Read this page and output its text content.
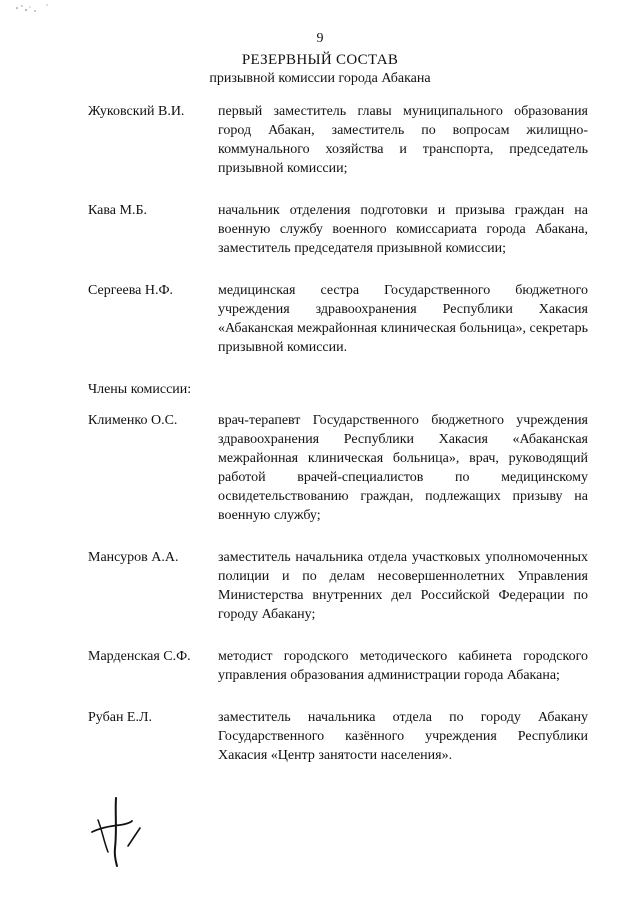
9
РЕЗЕРВНЫЙ СОСТАВ
призывной комиссии города Абакана
Жуковский В.И. первый заместитель главы муниципального образования город Абакан, заместитель по вопросам жилищно-коммунального хозяйства и транспорта, председатель призывной комиссии;
Кава М.Б.	начальник отделения подготовки и призыва граждан на военную службу военного комиссариата города Абакана, заместитель председателя призывной комиссии;
Сергеева Н.Ф.	медицинская сестра Государственного бюджетного учреждения здравоохранения Республики Хакасия «Абаканская межрайонная клиническая больница», секретарь призывной комиссии.
Члены комиссии:
Клименко О.С.	врач-терапевт Государственного бюджетного учреждения здравоохранения Республики Хакасия «Абаканская межрайонная клиническая больница», врач, руководящий работой врачей-специалистов по медицинскому освидетельствованию граждан, подлежащих призыву на военную службу;
Мансуров А.А.	заместитель начальника отдела участковых уполномоченных полиции и по делам несовершеннолетних Управления Министерства внутренних дел Российской Федерации по городу Абакану;
Марденская С.Ф. методист городского методического кабинета городского управления образования администрации города Абакана;
Рубан Е.Л.	заместитель начальника отдела по городу Абакану Государственного казённого учреждения Республики Хакасия «Центр занятости населения».
